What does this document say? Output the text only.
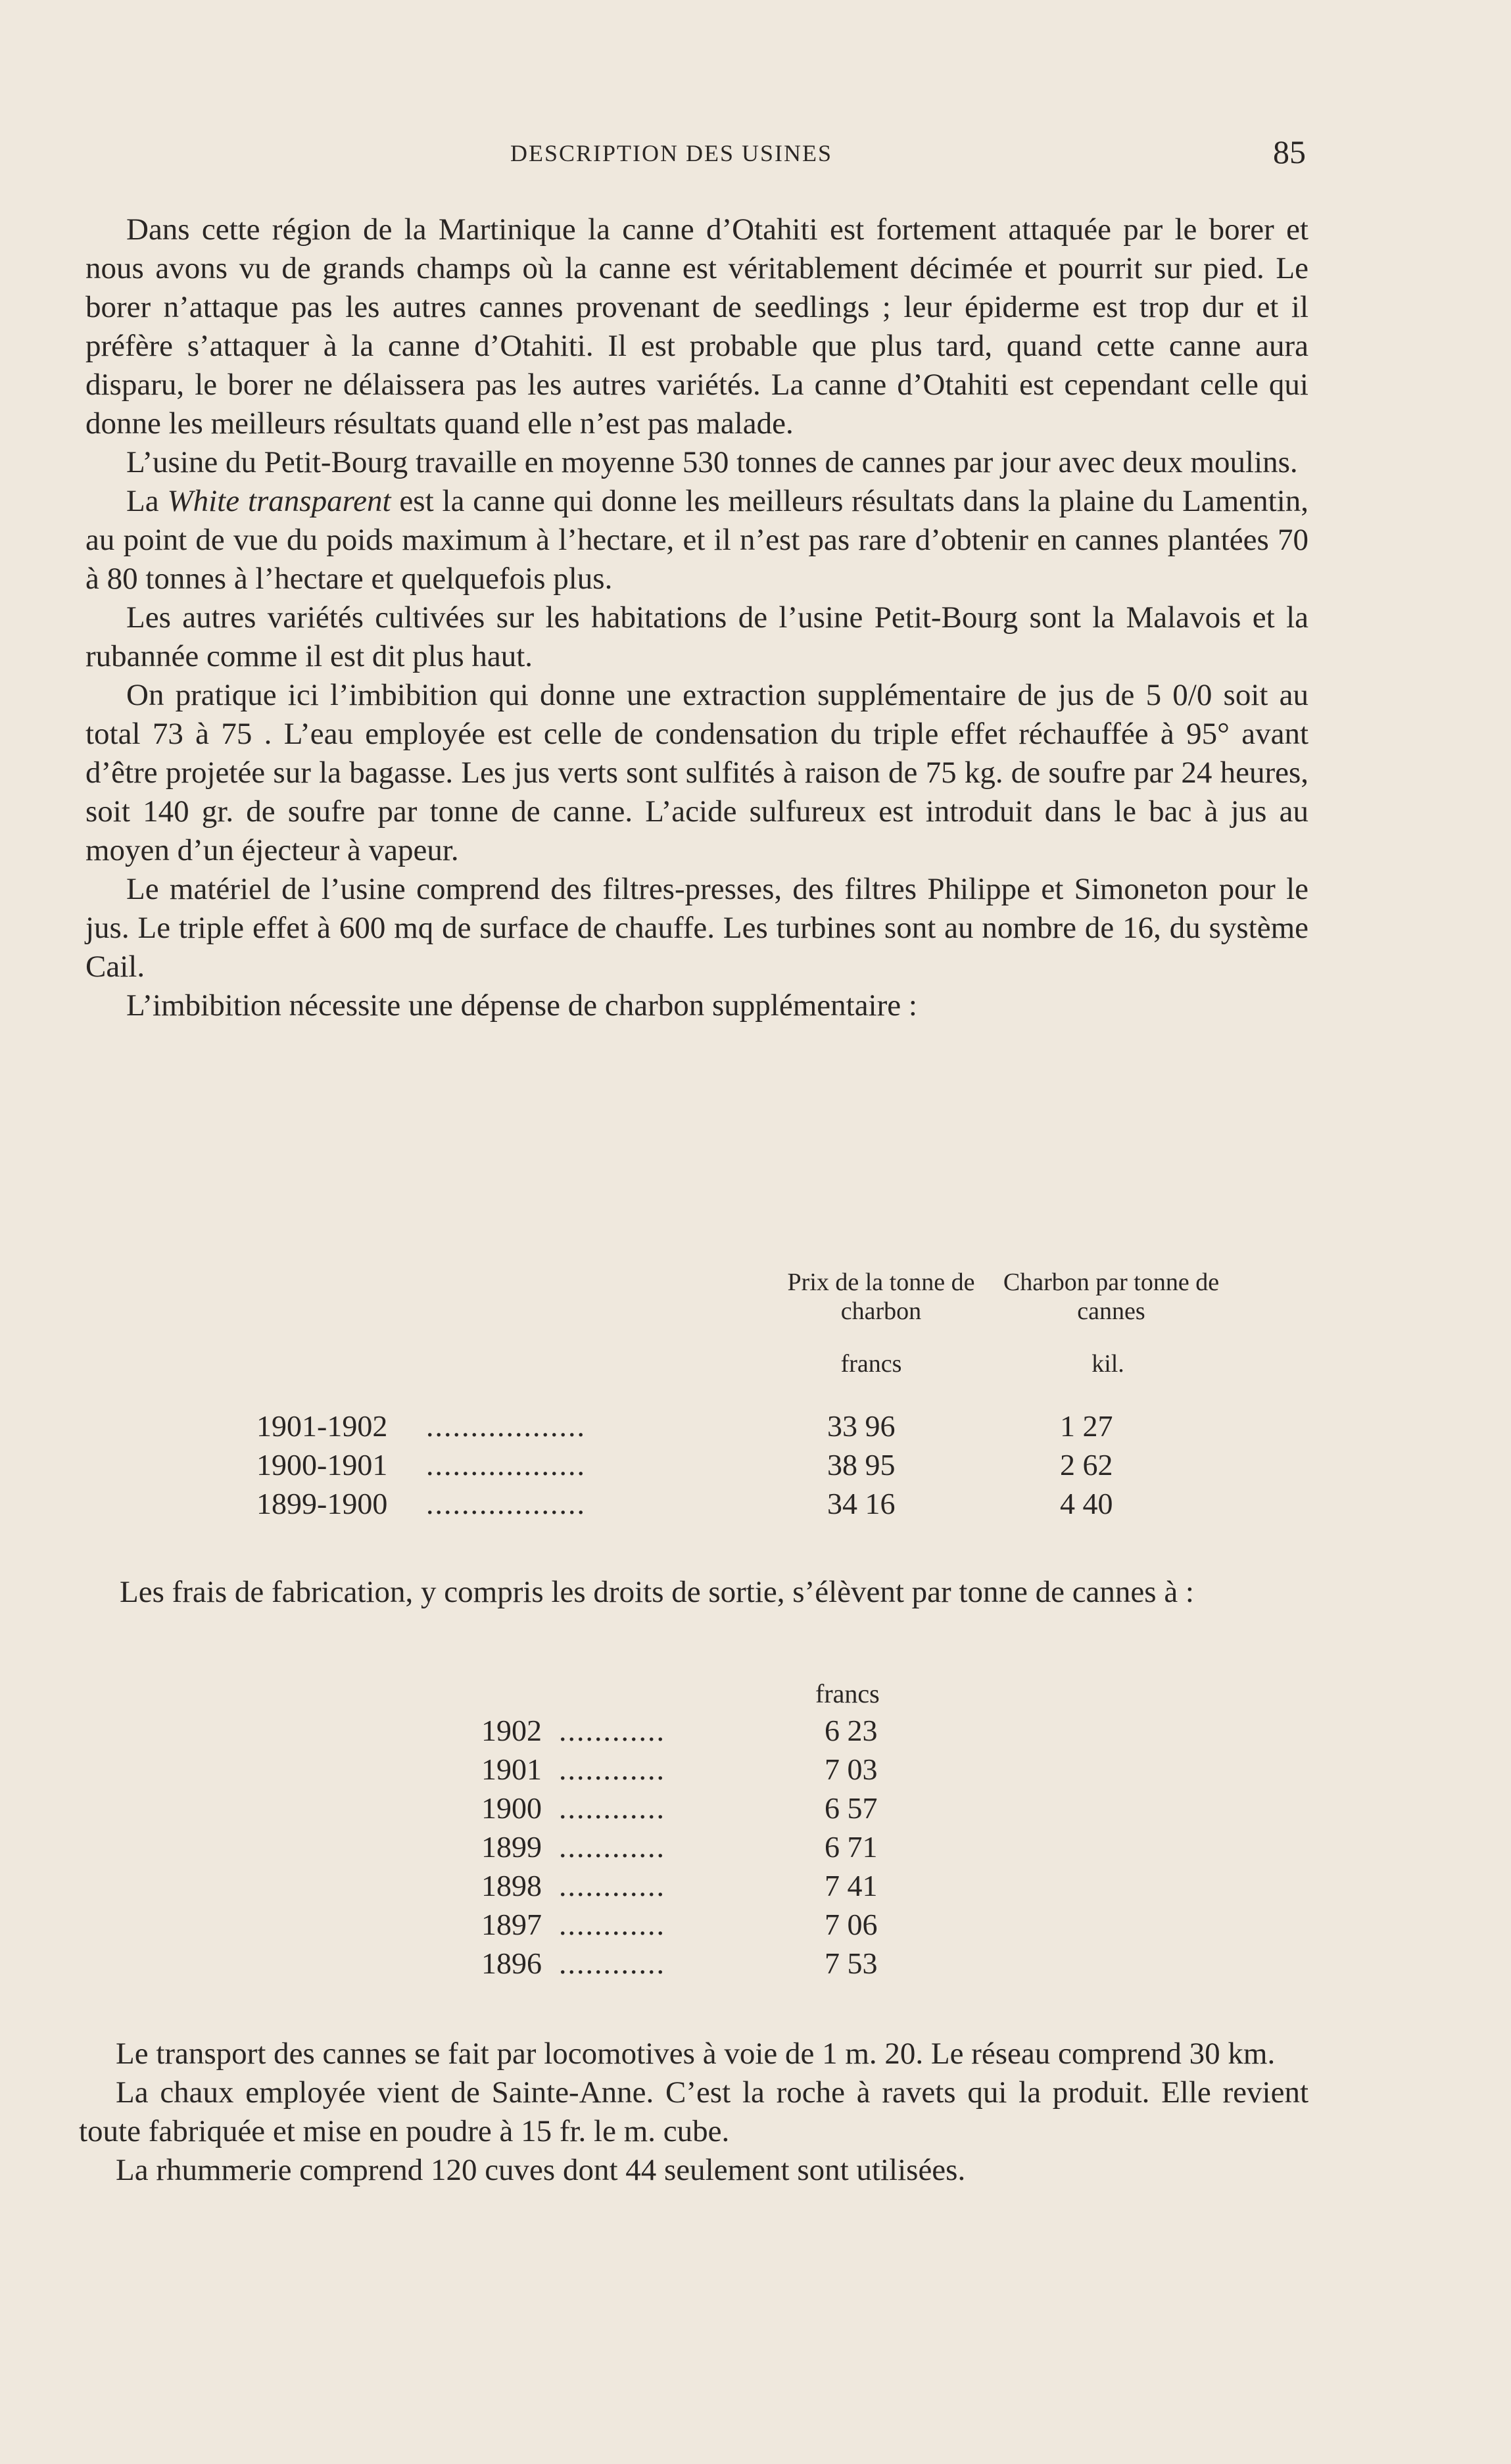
DESCRIPTION DES USINES	85

Dans cette région de la Martinique la canne d’Otahiti est fortement attaquée par le borer et nous avons vu de grands champs où la canne est véritablement décimée et pourrit sur pied. Le borer n’attaque pas les autres cannes provenant de seedlings ; leur épiderme est trop dur et il préfère s’attaquer à la canne d’Otahiti. Il est probable que plus tard, quand cette canne aura disparu, le borer ne délaissera pas les autres variétés. La canne d’Otahiti est cependant celle qui donne les meilleurs résultats quand elle n’est pas malade.

L’usine du Petit-Bourg travaille en moyenne 530 tonnes de cannes par jour avec deux moulins.

La White transparent est la canne qui donne les meilleurs résultats dans la plaine du Lamentin, au point de vue du poids maximum à l’hectare, et il n’est pas rare d’obtenir en cannes plantées 70 à 80 tonnes à l’hectare et quelquefois plus.

Les autres variétés cultivées sur les habitations de l’usine Petit-Bourg sont la Malavois et la rubannée comme il est dit plus haut.

On pratique ici l’imbibition qui donne une extraction supplémentaire de jus de 5 0/0 soit au total 73 à 75 . L’eau employée est celle de condensation du triple effet réchauffée à 95° avant d’être projetée sur la bagasse. Les jus verts sont sulfités à raison de 75 kg. de soufre par 24 heures, soit 140 gr. de soufre par tonne de canne. L’acide sulfureux est introduit dans le bac à jus au moyen d’un éjecteur à vapeur.

Le matériel de l’usine comprend des filtres-presses, des filtres Philippe et Simoneton pour le jus. Le triple effet à 600 mq de surface de chauffe. Les turbines sont au nombre de 16, du système Cail.

L’imbibition nécessite une dépense de charbon supplémentaire :

Prix de la tonne de charbon
Charbon par tonne de cannes
francs	kil.
1901-1902 ..................	33 96	1 27
1900-1901 ..................	38 95	2 62
1899-1900 ..................	34 16	4 40

Les frais de fabrication, y compris les droits de sortie, s’élèvent par tonne de cannes à :

francs
1902 ............	6 23
1901 ............	7 03
1900 ............	6 57
1899 ............	6 71
1898 ............	7 41
1897 ............	7 06
1896 ............	7 53

Le transport des cannes se fait par locomotives à voie de 1 m. 20. Le réseau comprend 30 km.

La chaux employée vient de Sainte-Anne. C’est la roche à ravets qui la produit. Elle revient toute fabriquée et mise en poudre à 15 fr. le m. cube.

La rhummerie comprend 120 cuves dont 44 seulement sont utilisées.
